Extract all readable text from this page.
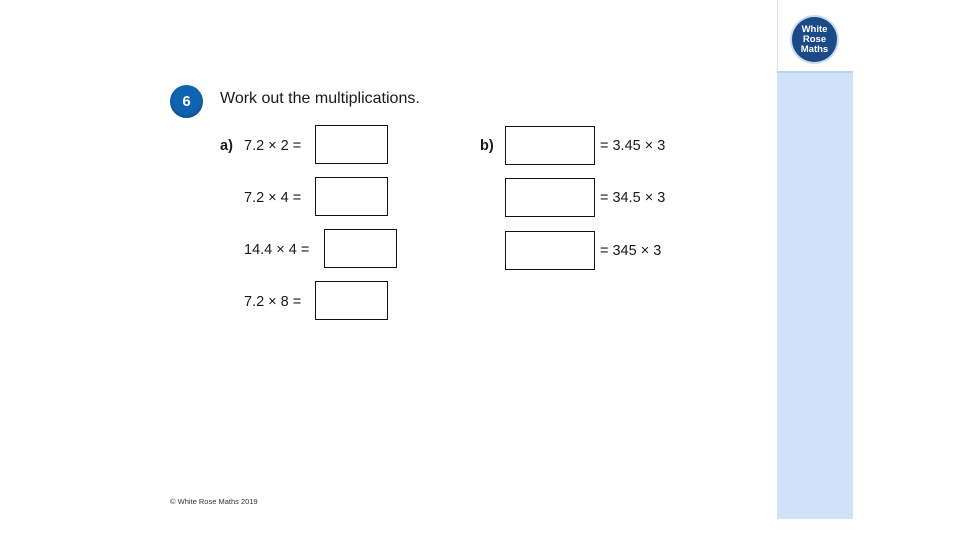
White
Rose
Maths
6	Work out the multiplications.
a) 7.2 × 2 =
7.2 × 4 =
14.4 × 4 =
7.2 × 8 =
b)	= 3.45 × 3
= 34.5 × 3
= 345 × 3
© White Rose Maths 2019
